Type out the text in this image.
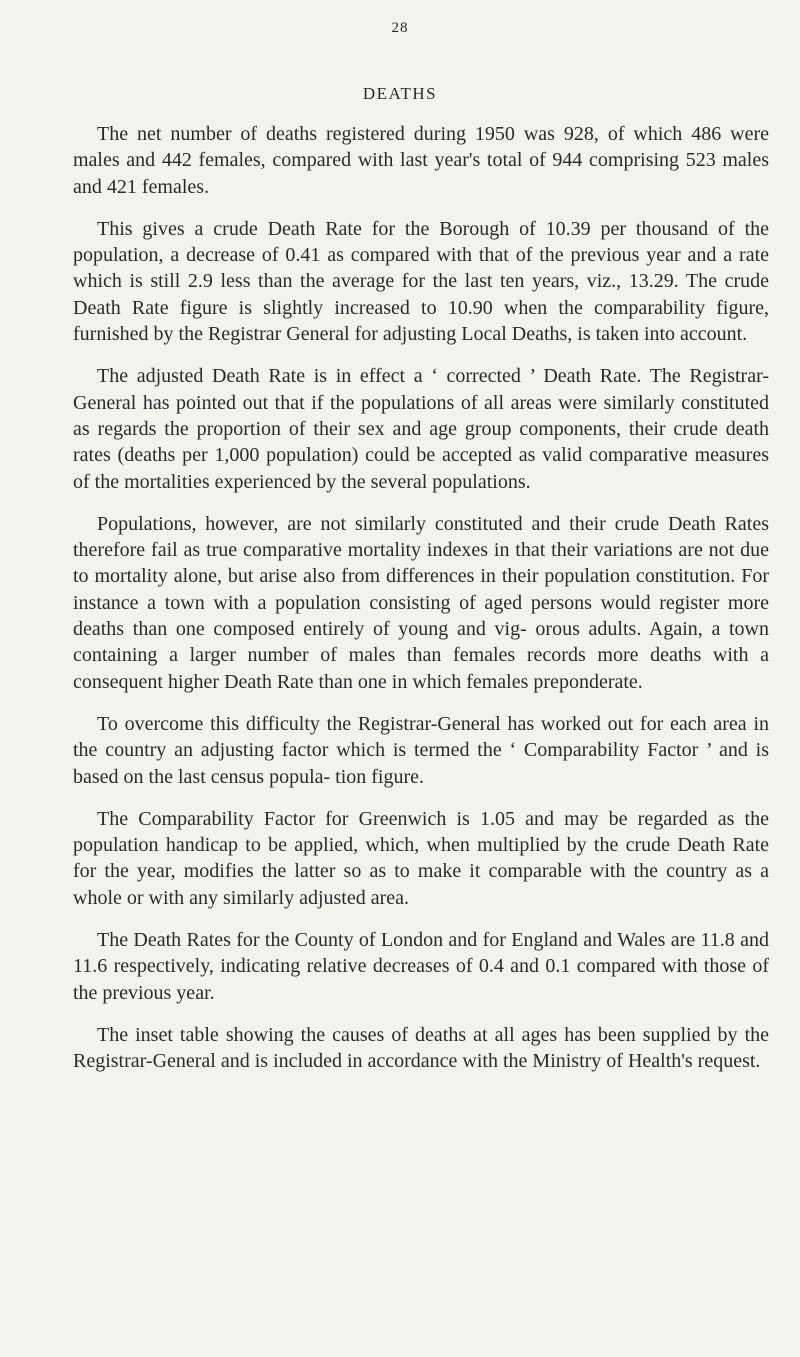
28
DEATHS

The net number of deaths registered during 1950 was 928, of which 486 were males and 442 females, compared with last year's total of 944 comprising 523 males and 421 females.

This gives a crude Death Rate for the Borough of 10.39 per thousand of the population, a decrease of 0.41 as compared with that of the previous year and a rate which is still 2.9 less than the average for the last ten years, viz., 13.29. The crude Death Rate figure is slightly increased to 10.90 when the comparability figure, furnished by the Registrar General for adjusting Local Deaths, is taken into account.

The adjusted Death Rate is in effect a ‘ corrected ’ Death Rate. The Registrar-General has pointed out that if the populations of all areas were similarly constituted as regards the proportion of their sex and age group components, their crude death rates (deaths per 1,000 population) could be accepted as valid comparative measures of the mortalities experienced by the several populations.

Populations, however, are not similarly constituted and their crude Death Rates therefore fail as true comparative mortality indexes in that their variations are not due to mortality alone, but arise also from differences in their population constitution. For instance a town with a population consisting of aged persons would register more deaths than one composed entirely of young and vig- orous adults. Again, a town containing a larger number of males than females records more deaths with a consequent higher Death Rate than one in which females preponderate.

To overcome this difficulty the Registrar-General has worked out for each area in the country an adjusting factor which is termed the ‘ Comparability Factor ’ and is based on the last census popula- tion figure.

The Comparability Factor for Greenwich is 1.05 and may be regarded as the population handicap to be applied, which, when multiplied by the crude Death Rate for the year, modifies the latter so as to make it comparable with the country as a whole or with any similarly adjusted area.

The Death Rates for the County of London and for England and Wales are 11.8 and 11.6 respectively, indicating relative decreases of 0.4 and 0.1 compared with those of the previous year.

The inset table showing the causes of deaths at all ages has been supplied by the Registrar-General and is included in accordance with the Ministry of Health's request.
